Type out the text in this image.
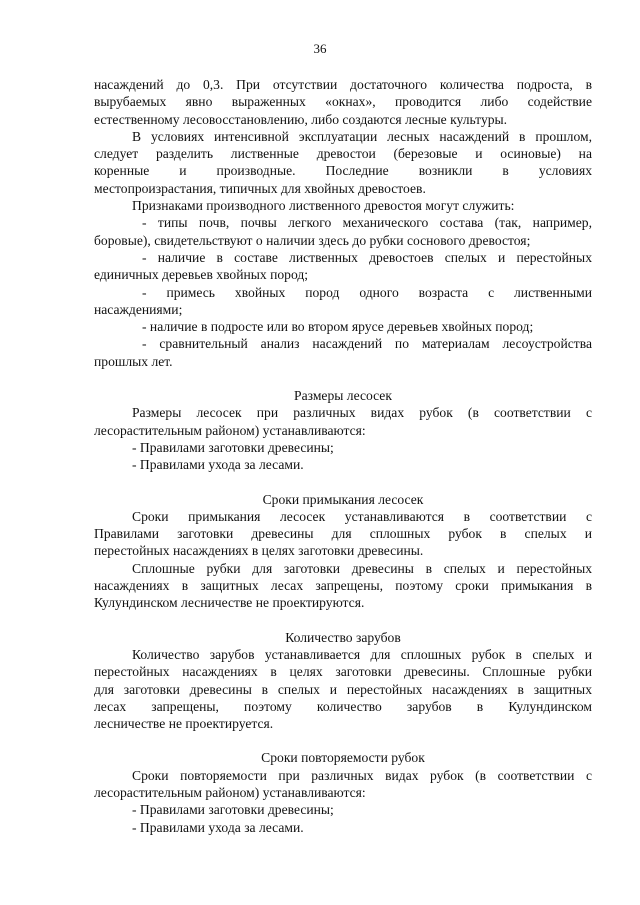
36

насаждений до 0,3. При отсутствии достаточного количества подроста, в

вырубаемых явно выраженных «окнах», проводится либо содействие

естественному лесовосстановлению, либо создаются лесные культуры.

В условиях интенсивной эксплуатации лесных насаждений в прошлом,

следует разделить лиственные древостои (березовые и осиновые) на

коренные и производные. Последние возникли в условиях

местопроизрастания, типичных для хвойных древостоев.

Признаками производного лиственного древостоя могут служить:

- типы почв, почвы легкого механического состава (так, например,

боровые), свидетельствуют о наличии здесь до рубки соснового древостоя;

- наличие в составе лиственных древостоев спелых и перестойных

единичных деревьев хвойных пород;

- примесь хвойных пород одного возраста с лиственными

насаждениями;

- наличие в подросте или во втором ярусе деревьев хвойных пород;

- сравнительный анализ насаждений по материалам лесоустройства

прошлых лет.

Размеры лесосек

Размеры лесосек при различных видах рубок (в соответствии с

лесорастительным районом) устанавливаются:

- Правилами заготовки древесины;

- Правилами ухода за лесами.

Сроки примыкания лесосек

Сроки примыкания лесосек устанавливаются в соответствии с

Правилами заготовки древесины для сплошных рубок в спелых и

перестойных насаждениях в целях заготовки древесины.

Сплошные рубки для заготовки древесины в спелых и перестойных

насаждениях в защитных лесах запрещены, поэтому сроки примыкания в

Кулундинском лесничестве не проектируются.

Количество зарубов

Количество зарубов устанавливается для сплошных рубок в спелых и

перестойных насаждениях в целях заготовки древесины. Сплошные рубки

для заготовки древесины в спелых и перестойных насаждениях в защитных

лесах запрещены, поэтому количество зарубов в Кулундинском

лесничестве не проектируется.

Сроки повторяемости рубок

Сроки повторяемости при различных видах рубок (в соответствии с

лесорастительным районом) устанавливаются:

- Правилами заготовки древесины;

- Правилами ухода за лесами.
